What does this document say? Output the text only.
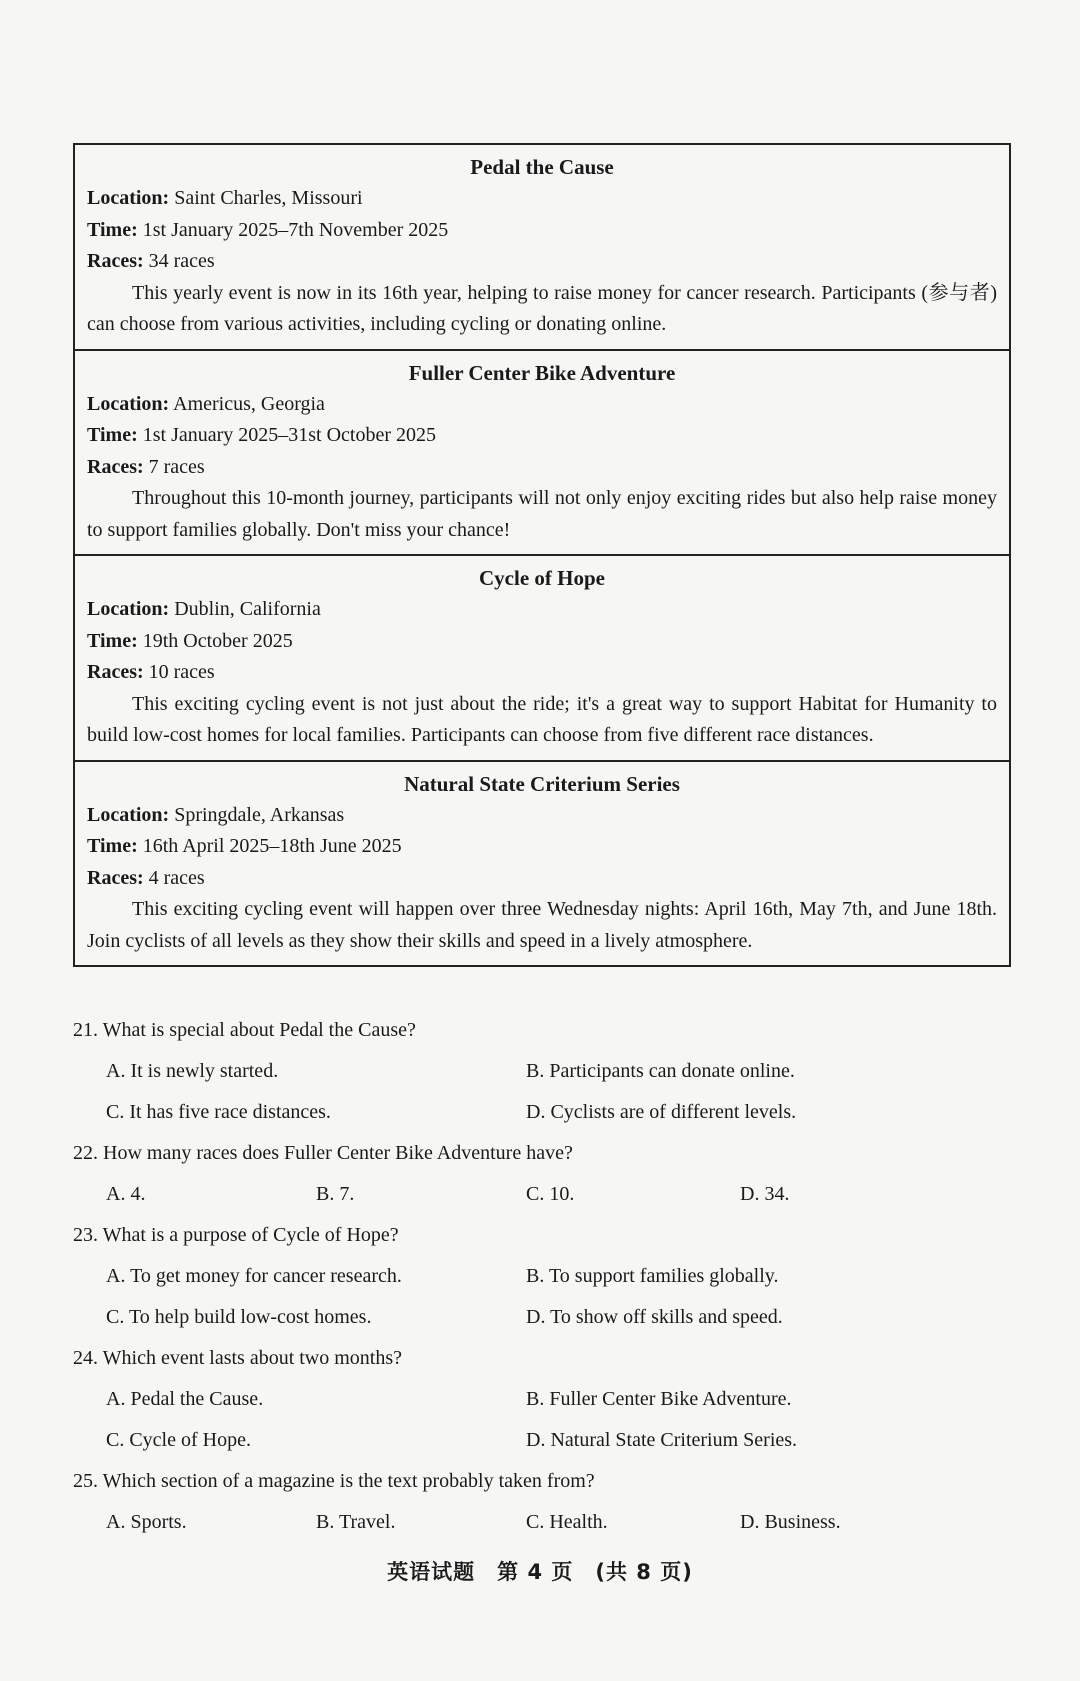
Pedal the Cause
Location: Saint Charles, Missouri
Time: 1st January 2025–7th November 2025
Races: 34 races
This yearly event is now in its 16th year, helping to raise money for cancer research. Participants (参与者) can choose from various activities, including cycling or donating online.
Fuller Center Bike Adventure
Location: Americus, Georgia
Time: 1st January 2025–31st October 2025
Races: 7 races
Throughout this 10-month journey, participants will not only enjoy exciting rides but also help raise money to support families globally. Don't miss your chance!
Cycle of Hope
Location: Dublin, California
Time: 19th October 2025
Races: 10 races
This exciting cycling event is not just about the ride; it's a great way to support Habitat for Humanity to build low-cost homes for local families. Participants can choose from five different race distances.
Natural State Criterium Series
Location: Springdale, Arkansas
Time: 16th April 2025–18th June 2025
Races: 4 races
This exciting cycling event will happen over three Wednesday nights: April 16th, May 7th, and June 18th. Join cyclists of all levels as they show their skills and speed in a lively atmosphere.
21. What is special about Pedal the Cause?
A. It is newly started.	B. Participants can donate online.
C. It has five race distances.	D. Cyclists are of different levels.
22. How many races does Fuller Center Bike Adventure have?
A. 4.	B. 7.	C. 10.	D. 34.
23. What is a purpose of Cycle of Hope?
A. To get money for cancer research.	B. To support families globally.
C. To help build low-cost homes.	D. To show off skills and speed.
24. Which event lasts about two months?
A. Pedal the Cause.	B. Fuller Center Bike Adventure.
C. Cycle of Hope.	D. Natural State Criterium Series.
25. Which section of a magazine is the text probably taken from?
A. Sports.	B. Travel.	C. Health.	D. Business.
英语试题　第 4 页　(共 8 页)
